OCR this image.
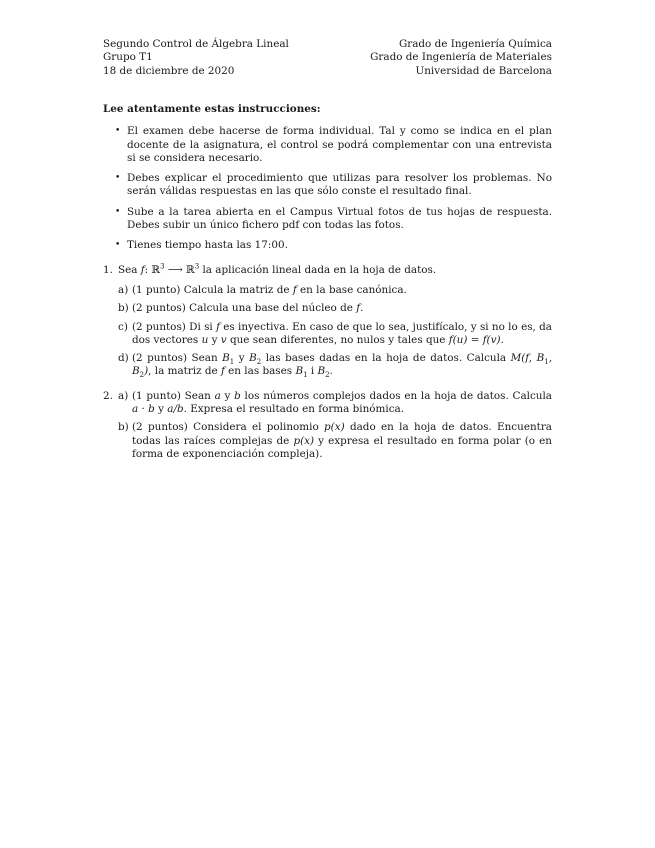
Segundo Control de Álgebra Lineal
Grupo T1
18 de diciembre de 2020
Grado de Ingeniería Química
Grado de Ingeniería de Materiales
Universidad de Barcelona
Lee atentamente estas instrucciones:
• El examen debe hacerse de forma individual. Tal y como se indica en el plan docente de la asignatura, el control se podrá complementar con una entrevista si se considera necesario.
• Debes explicar el procedimiento que utilizas para resolver los problemas. No serán válidas respuestas en las que sólo conste el resultado final.
• Sube a la tarea abierta en el Campus Virtual fotos de tus hojas de respuesta. Debes subir un único fichero pdf con todas las fotos.
• Tienes tiempo hasta las 17:00.
1. Sea f: ℝ$^3$ ⟶ ℝ$^3$ la aplicación lineal dada en la hoja de datos.
a) (1 punto) Calcula la matriz de f en la base canónica.
b) (2 puntos) Calcula una base del núcleo de f.
c) (2 puntos) Di si f es inyectiva. En caso de que lo sea, justifícalo, y si no lo es, da dos vectores u y v que sean diferentes, no nulos y tales que f(u) = f(v).
d) (2 puntos) Sean $B_1$ y $B_2$ las bases dadas en la hoja de datos. Calcula M(f, $B_1$, $B_2$), la matriz de f en las bases $B_1$ i $B_2$.
2. a) (1 punto) Sean a y b los números complejos dados en la hoja de datos. Calcula a · b y a/b. Expresa el resultado en forma binómica.
b) (2 puntos) Considera el polinomio p(x) dado en la hoja de datos. Encuentra todas las raíces complejas de p(x) y expresa el resultado en forma polar (o en forma de exponenciación compleja).
